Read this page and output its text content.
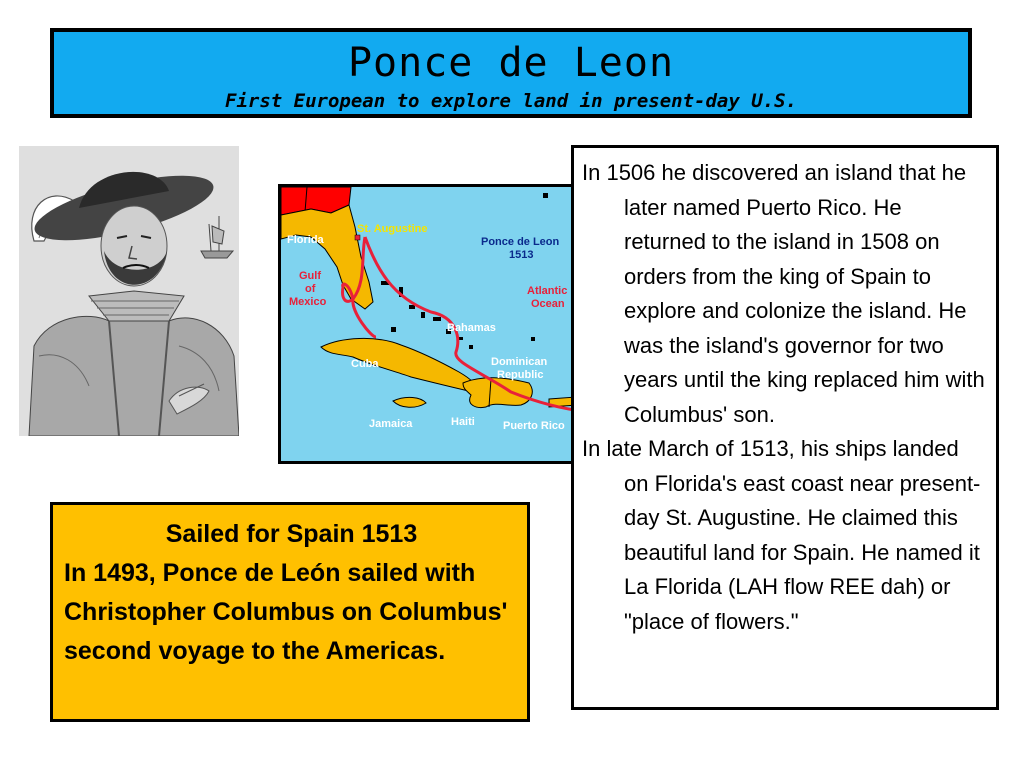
Ponce de Leon
First European to explore land in present-day U.S.
Florida
St. Augustine
Ponce de Leon
1513
Gulf
of
Mexico
Atlantic
Ocean
Bahamas
Cuba	Dominican
Republic
Jamaica	Haiti	Puerto Rico

In 1506 he discovered an island that he later named Puerto Rico. He returned to the island in 1508 on orders from the king of Spain to explore and colonize the island. He was the island's governor for two years until the king replaced him with Columbus' son.

In late March of 1513, his ships landed on Florida's east coast near present-day St. Augustine. He claimed this beautiful land for Spain. He named it La Florida (LAH flow REE dah) or "place of flowers."

Sailed for Spain 1513
In 1493, Ponce de León sailed with Christopher Columbus on Columbus' second voyage to the Americas.
